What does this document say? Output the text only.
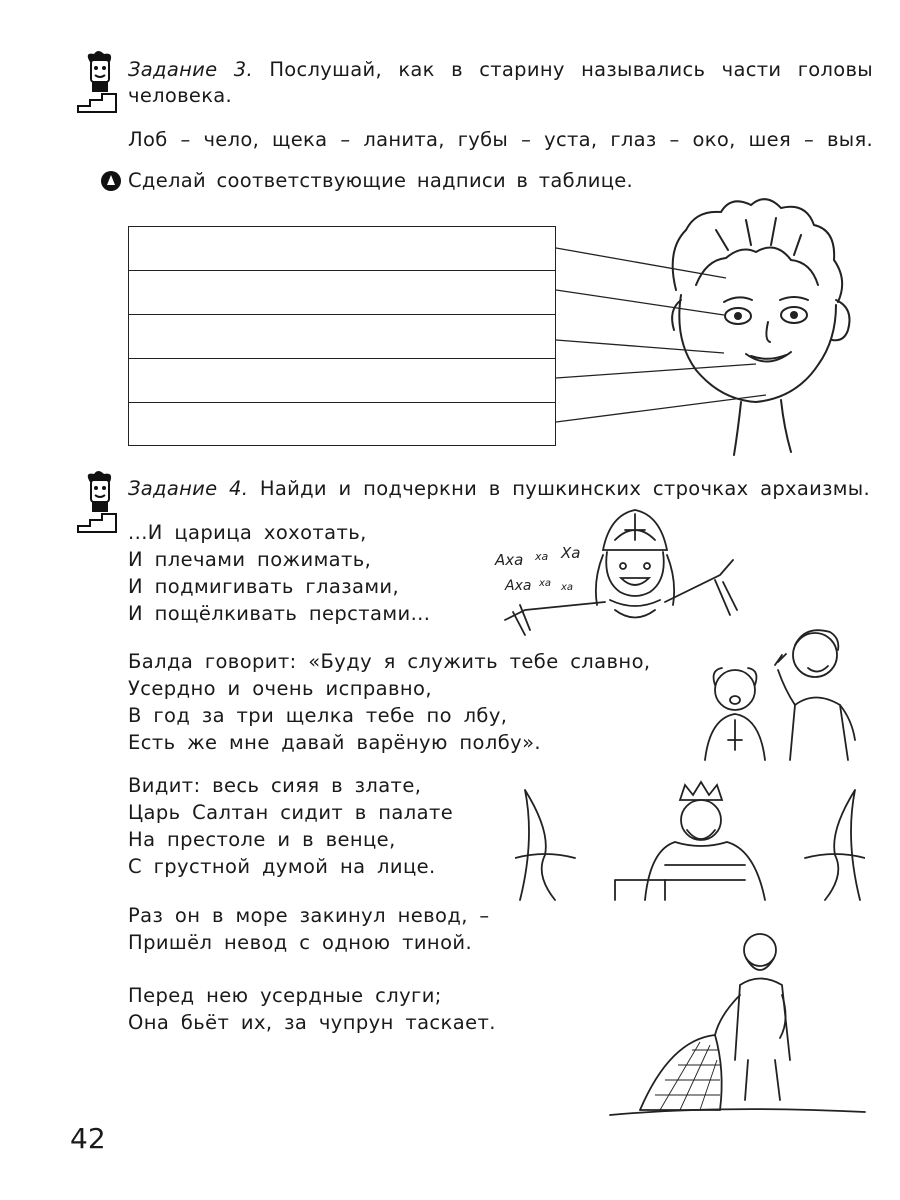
Задание 3. Послушай, как в старину назывались части головы
человека.
Лоб – чело, щека – ланита, губы – уста, глаз – око, шея – выя.
Сделай соответствующие надписи в таблице.
Задание 4. Найди и подчеркни в пушкинских строчках архаизмы.
...И царица хохотать,
И плечами пожимать,
И подмигивать глазами,
И пощёлкивать перстами...
Аха ха Ха
Аха ха ха
Балда говорит: «Буду я служить тебе славно,
Усердно и очень исправно,
В год за три щелка тебе по лбу,
Есть же мне давай варёную полбу».
Видит: весь сияя в злате,
Царь Салтан сидит в палате
На престоле и в венце,
С грустной думой на лице.
Раз он в море закинул невод, –
Пришёл невод с одною тиной.
Перед нею усердные слуги;
Она бьёт их, за чупрун таскает.
42
